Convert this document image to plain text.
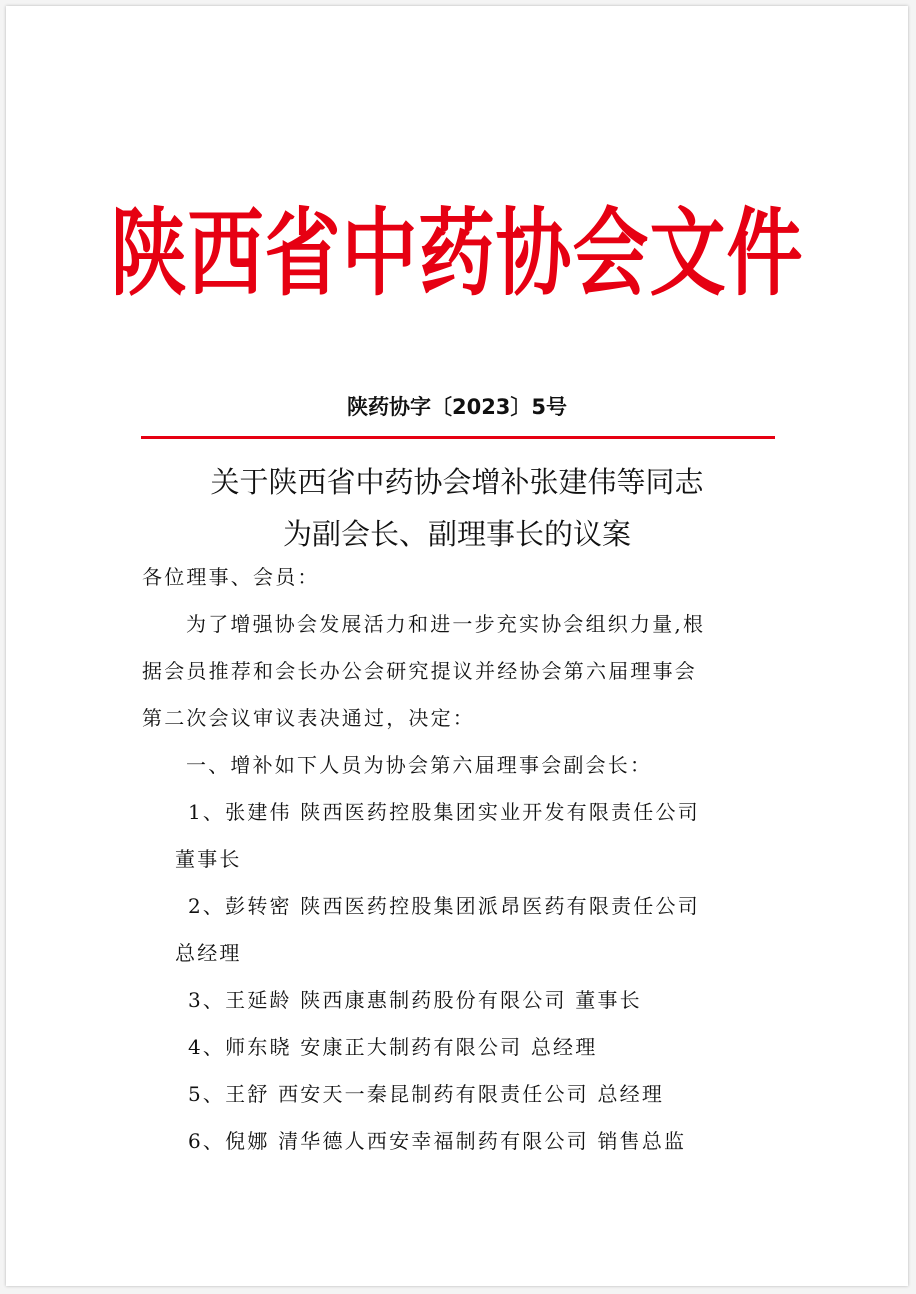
陕西省中药协会文件
陕药协字〔2023〕5号
关于陕西省中药协会增补张建伟等同志
为副会长、副理事长的议案
各位理事、会员：
为了增强协会发展活力和进一步充实协会组织力量,根
据会员推荐和会长办公会研究提议并经协会第六届理事会
第二次会议审议表决通过，决定：
一、增补如下人员为协会第六届理事会副会长：
1、张建伟 陕西医药控股集团实业开发有限责任公司
董事长
2、彭转密 陕西医药控股集团派昂医药有限责任公司
总经理
3、王延龄 陕西康惠制药股份有限公司 董事长
4、师东晓 安康正大制药有限公司 总经理
5、王舒 西安天一秦昆制药有限责任公司 总经理
6、倪娜 清华德人西安幸福制药有限公司 销售总监
